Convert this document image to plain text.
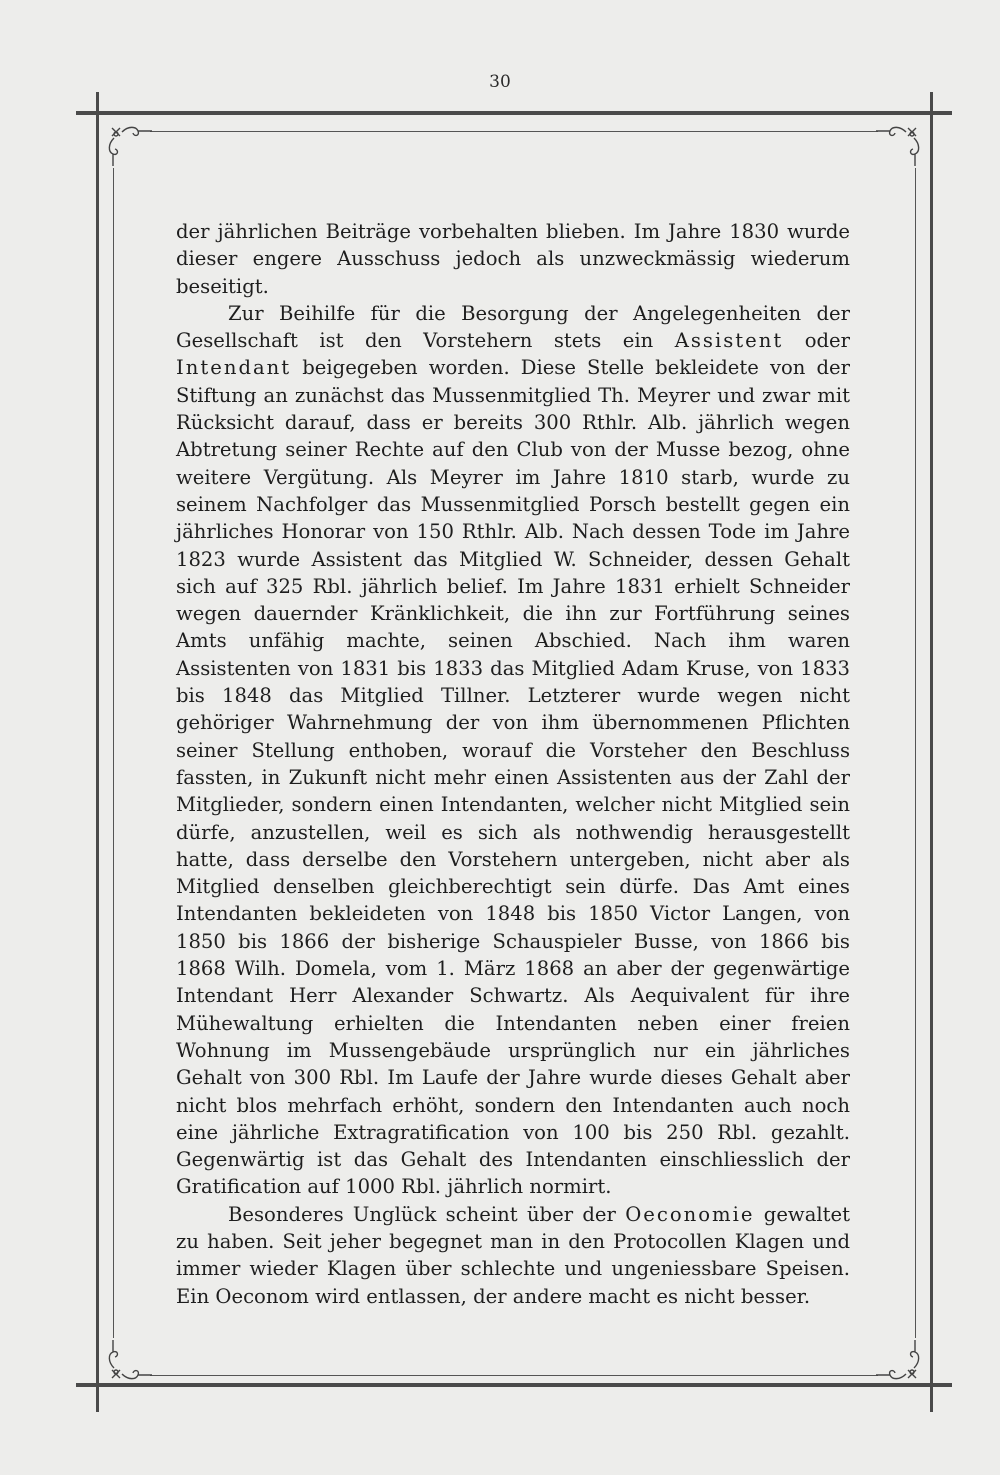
30

der jährlichen Beiträge vorbehalten blieben. Im Jahre 1830 wurde dieser engere Ausschuss jedoch als unzweckmässig wiederum beseitigt.

Zur Beihilfe für die Besorgung der Angelegenheiten der Gesellschaft ist den Vorstehern stets ein Assistent oder Intendant beigegeben worden. Diese Stelle bekleidete von der Stiftung an zunächst das Mussenmitglied Th. Meyrer und zwar mit Rücksicht darauf, dass er bereits 300 Rthlr. Alb. jährlich wegen Abtretung seiner Rechte auf den Club von der Musse bezog, ohne weitere Vergütung. Als Meyrer im Jahre 1810 starb, wurde zu seinem Nachfolger das Mussenmitglied Porsch bestellt gegen ein jährliches Honorar von 150 Rthlr. Alb. Nach dessen Tode im Jahre 1823 wurde Assistent das Mitglied W. Schneider, dessen Gehalt sich auf 325 Rbl. jährlich belief. Im Jahre 1831 erhielt Schneider wegen dauernder Kränklichkeit, die ihn zur Fortführung seines Amts unfähig machte, seinen Abschied. Nach ihm waren Assistenten von 1831 bis 1833 das Mitglied Adam Kruse, von 1833 bis 1848 das Mitglied Tillner. Letzterer wurde wegen nicht gehöriger Wahrnehmung der von ihm übernommenen Pflichten seiner Stellung enthoben, worauf die Vorsteher den Beschluss fassten, in Zukunft nicht mehr einen Assistenten aus der Zahl der Mitglieder, sondern einen Intendanten, welcher nicht Mitglied sein dürfe, anzustellen, weil es sich als nothwendig herausgestellt hatte, dass derselbe den Vorstehern untergeben, nicht aber als Mitglied denselben gleichberechtigt sein dürfe. Das Amt eines Intendanten bekleideten von 1848 bis 1850 Victor Langen, von 1850 bis 1866 der bisherige Schauspieler Busse, von 1866 bis 1868 Wilh. Domela, vom 1. März 1868 an aber der gegenwärtige Intendant Herr Alexander Schwartz. Als Aequivalent für ihre Mühewaltung erhielten die Intendanten neben einer freien Wohnung im Mussengebäude ursprünglich nur ein jährliches Gehalt von 300 Rbl. Im Laufe der Jahre wurde dieses Gehalt aber nicht blos mehrfach erhöht, sondern den Intendanten auch noch eine jährliche Extragratification von 100 bis 250 Rbl. gezahlt. Gegenwärtig ist das Gehalt des Intendanten einschliesslich der Gratification auf 1000 Rbl. jährlich normirt.

Besonderes Unglück scheint über der Oeconomie gewaltet zu haben. Seit jeher begegnet man in den Protocollen Klagen und immer wieder Klagen über schlechte und ungeniessbare Speisen. Ein Oeconom wird entlassen, der andere macht es nicht besser.
